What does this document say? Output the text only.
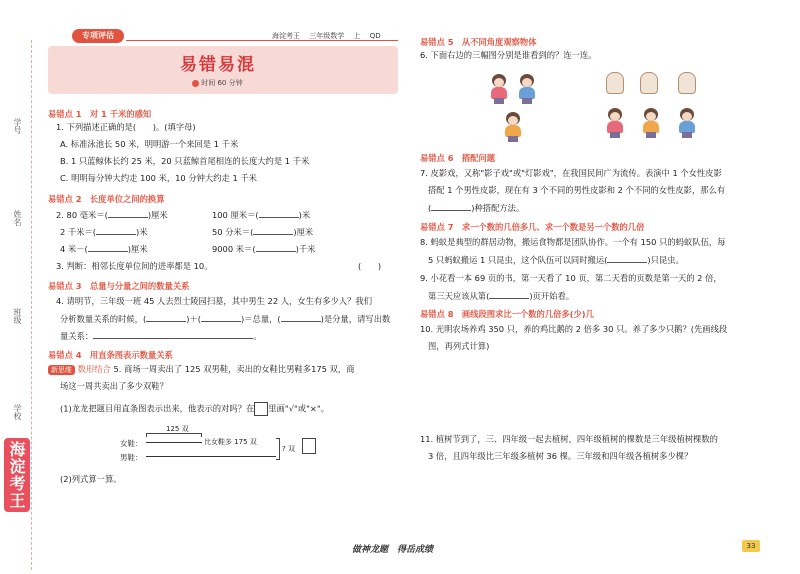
学号
姓名
班级
学校
海淀考王
专项评估	海淀考王　 三年级数学　 上　 QD
易错易混
时间 60 分钟
易错点 1　对 1 千米的感知
1. 下列描述正确的是(　　)。(填字母)
A. 标准泳池长 50 米，明明游一个来回是 1 千米
B. 1 只蓝鲸体长约 25 米，20 只蓝鲸首尾相连的长度大约是 1 千米
C. 明明每分钟大约走 100 米，10 分钟大约走 1 千米
易错点 2　长度单位之间的换算
2. 80 毫米＝(	)厘米	100 厘米＝(	)米
2 千米＝(	)米	50 分米＝(	)厘米
4 米－(	)厘米	9000 米＝(	)千米
3. 判断：相邻长度单位间的进率都是 10。	(　　)
易错点 3　总量与分量之间的数量关系
4. 请明节，三年级一班 45 人去烈士陵园扫墓，其中男生 22 人，女生有多少人？我们
分析数量关系的时候，(	)＋(	)＝总量，(	)是分量，请写出数
量关系：	。
易错点 4　用直条图表示数量关系
新思维 数形结合 5. 商场一周卖出了 125 双男鞋，卖出的女鞋比男鞋多175 双，商
场这一周共卖出了多少双鞋？
(1)龙龙把题目用直条图表示出来，他表示的对吗？在 里画"√"或"×"。
125 双
女鞋：	比女鞋多 175 双
男鞋：
? 双
(2)列式算一算。
易错点 5　从不同角度观察物体
6. 下面右边的三幅图分别是谁看到的？连一连。
易错点 6　搭配问题
7. 皮影戏，又称"影子戏"或"灯影戏"，在我国民间广为流传。表演中 1 个女性皮影
搭配 1 个男性皮影，现在有 3 个不同的男性皮影和 2 个不同的女性皮影，那么有
(	)种搭配方法。
易错点 7　求一个数的几倍多几、求一个数是另一个数的几倍
8. 蚂蚁是典型的群居动物，搬运食物都是团队协作。一个有 150 只的蚂蚁队伍，每
5 只蚂蚁搬运 1 只昆虫，这个队伍可以同时搬运(	)只昆虫。
9. 小花看一本 69 页的书，第一天看了 10 页，第二天看的页数是第一天的 2 倍，
第三天应该从第(	)页开始看。
易错点 8　画线段图求比一个数的几倍多(少)几
10. 光明农场养鸡 350 只，养的鸡比鹅的 2 倍多 30 只。养了多少只鹅？(先画线段
图，再列式计算)
11. 植树节到了，三、四年级一起去植树，四年级植树的棵数是三年级植树棵数的
3 倍，且四年级比三年级多植树 36 棵。三年级和四年级各植树多少棵？
做神龙题　得岳成绩	33
